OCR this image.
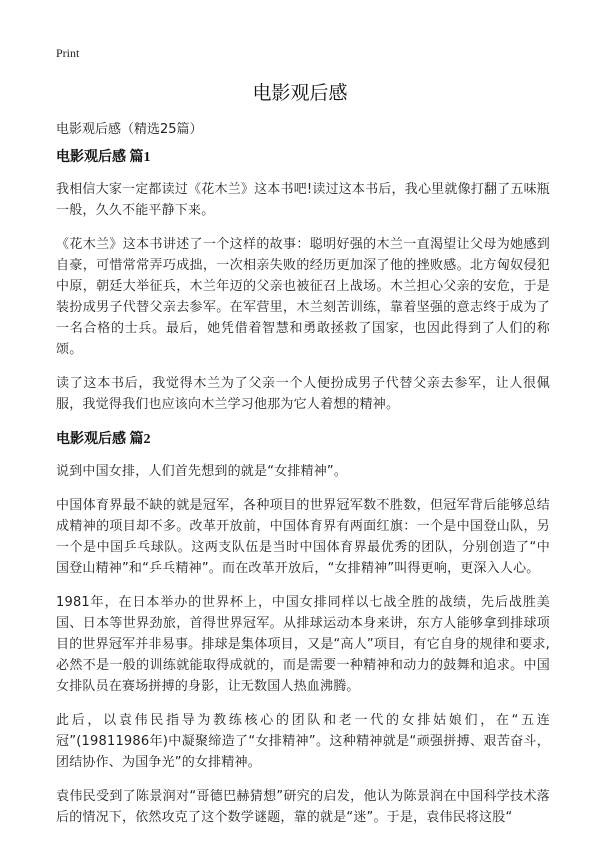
Print
电影观后感
电影观后感（精选25篇）
电影观后感 篇1

我相信大家一定都读过《花木兰》这本书吧!读过这本书后，我心里就像打翻了五味瓶一般，久久不能平静下来。

《花木兰》这本书讲述了一个这样的故事：聪明好强的木兰一直渴望让父母为她感到自豪，可惜常常弄巧成拙，一次相亲失败的经历更加深了他的挫败感。北方匈奴侵犯中原，朝廷大举征兵，木兰年迈的父亲也被征召上战场。木兰担心父亲的安危，于是装扮成男子代替父亲去参军。在军营里，木兰刻苦训练，靠着坚强的意志终于成为了一名合格的士兵。最后，她凭借着智慧和勇敢拯救了国家，也因此得到了人们的称颂。

读了这本书后，我觉得木兰为了父亲一个人便扮成男子代替父亲去参军，让人很佩服，我觉得我们也应该向木兰学习他那为它人着想的精神。

电影观后感 篇2

说到中国女排，人们首先想到的就是“女排精神”。

中国体育界最不缺的就是冠军，各种项目的世界冠军数不胜数，但冠军背后能够总结成精神的项目却不多。改革开放前，中国体育界有两面红旗：一个是中国登山队，另一个是中国乒乓球队。这两支队伍是当时中国体育界最优秀的团队，分别创造了“中国登山精神”和“乒乓精神”。而在改革开放后，“女排精神”叫得更响，更深入人心。

1981年，在日本举办的世界杯上，中国女排同样以七战全胜的战绩，先后战胜美国、日本等世界劲旅，首得世界冠军。从排球运动本身来讲，东方人能够拿到排球项目的世界冠军并非易事。排球是集体项目，又是“高人”项目，有它自身的规律和要求,必然不是一般的训练就能取得成就的，而是需要一种精神和动力的鼓舞和追求。中国女排队员在赛场拼搏的身影，让无数国人热血沸腾。

此后，以袁伟民指导为教练核心的团队和老一代的女排姑娘们，在“五连冠”(19811986年)中凝聚缔造了“女排精神”。这种精神就是“顽强拼搏、艰苦奋斗，团结协作、为国争光”的女排精神。

袁伟民受到了陈景润对“哥德巴赫猜想”研究的启发，他认为陈景润在中国科学技术落后的情况下，依然攻克了这个数学谜题，靠的就是“迷”。于是，袁伟民将这股“
